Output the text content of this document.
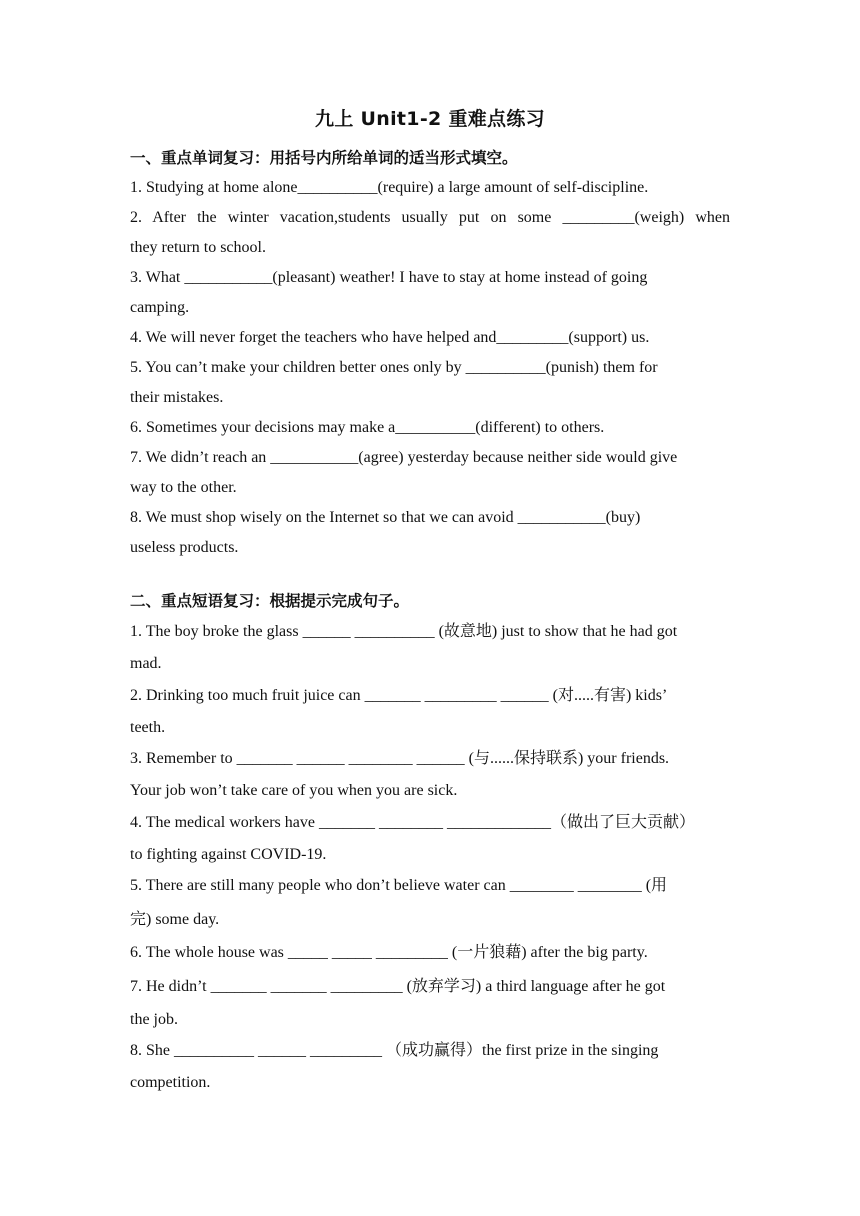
九上 Unit1-2 重难点练习
一、重点单词复习：用括号内所给单词的适当形式填空。
1. Studying at home alone__________(require) a large amount of self-discipline.
2. After the winter vacation,students usually put on some _________(weigh) when
they return to school.
3. What ___________(pleasant) weather! I have to stay at home instead of going
camping.
4. We will never forget the teachers who have helped and_________(support) us.
5. You can’t make your children better ones only by __________(punish) them for
their mistakes.
6. Sometimes your decisions may make a__________(different) to others.
7. We didn’t reach an ___________(agree) yesterday because neither side would give
way to the other.
8. We must shop wisely on the Internet so that we can avoid ___________(buy)
useless products.
二、重点短语复习：根据提示完成句子。
1. The boy broke the glass ______ __________ (故意地) just to show that he had got
mad.
2. Drinking too much fruit juice can _______ _________ ______ (对.....有害) kids’
teeth.
3. Remember to _______ ______ ________ ______ (与......保持联系) your friends.
Your job won’t take care of you when you are sick.
4. The medical workers have _______ ________ _____________（做出了巨大贡献）
to fighting against COVID-19.
5. There are still many people who don’t believe water can ________ ________ (用
完) some day.
6. The whole house was _____ _____ _________ (一片狼藉) after the big party.
7. He didn’t _______ _______ _________ (放弃学习) a third language after he got
the job.
8. She __________ ______ _________ （成功赢得）the first prize in the singing
competition.
